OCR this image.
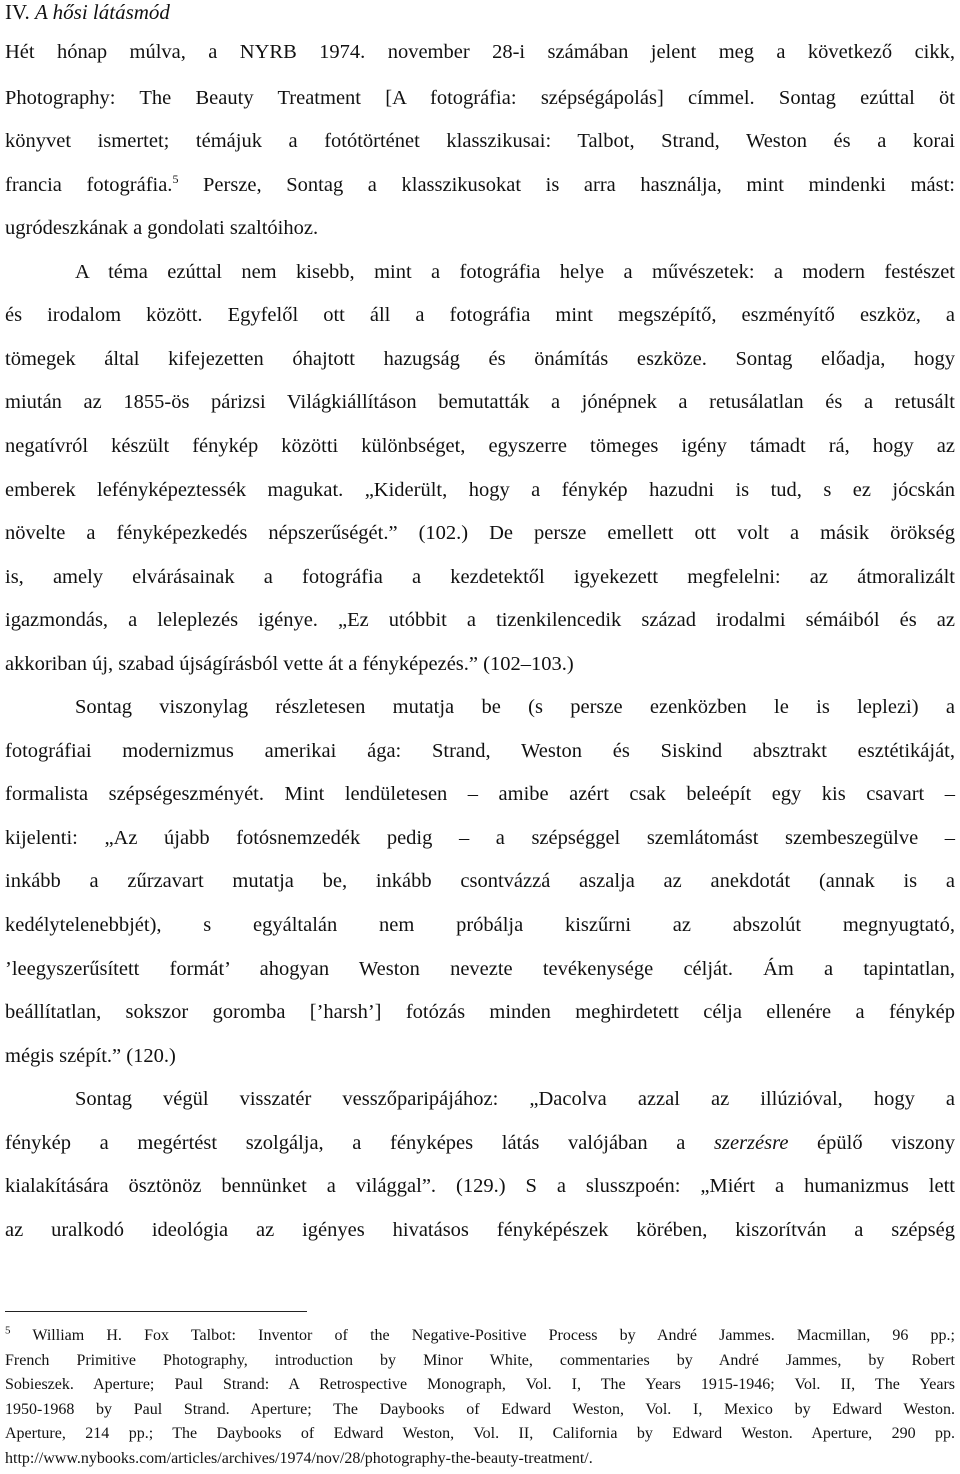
IV. A hősi látásmód
Hét hónap múlva, a NYRB 1974. november 28-i számában jelent meg a következő cikk,
Photography: The Beauty Treatment [A fotográfia: szépségápolás] címmel. Sontag ezúttal öt
könyvet ismertet; témájuk a fotótörténet klasszikusai: Talbot, Strand, Weston és a korai
francia fotográfia.$^5$ Persze, Sontag a klasszikusokat is arra használja, mint mindenki mást:
ugródeszkának a gondolati szaltóihoz.
A téma ezúttal nem kisebb, mint a fotográfia helye a művészetek: a modern festészet
és irodalom között. Egyfelől ott áll a fotográfia mint megszépítő, eszményítő eszköz, a
tömegek által kifejezetten óhajtott hazugság és önámítás eszköze. Sontag előadja, hogy
miután az 1855-ös párizsi Világkiállításon bemutatták a jónépnek a retusálatlan és a retusált
negatívról készült fénykép közötti különbséget, egyszerre tömeges igény támadt rá, hogy az
emberek lefényképeztessék magukat. „Kiderült, hogy a fénykép hazudni is tud, s ez jócskán
növelte a fényképezkedés népszerűségét.” (102.) De persze emellett ott volt a másik örökség
is, amely elvárásainak a fotográfia a kezdetektől igyekezett megfelelni: az átmoralizált
igazmondás, a leleplezés igénye. „Ez utóbbit a tizenkilencedik század irodalmi sémáiból és az
akkoriban új, szabad újságírásból vette át a fényképezés.” (102–103.)
Sontag viszonylag részletesen mutatja be (s persze ezenközben le is leplezi) a
fotográfiai modernizmus amerikai ága: Strand, Weston és Siskind absztrakt esztétikáját,
formalista szépségeszményét. Mint lendületesen – amibe azért csak beleépít egy kis csavart –
kijelenti: „Az újabb fotósnemzedék pedig – a szépséggel szemlátomást szembeszegülve –
inkább a zűrzavart mutatja be, inkább csontvázzá aszalja az anekdotát (annak is a
kedélytelenebbjét), s egyáltalán nem próbálja kiszűrni az abszolút megnyugtató,
’leegyszerűsített formát’ ahogyan Weston nevezte tevékenysége célját. Ám a tapintatlan,
beállítatlan, sokszor goromba [’harsh’] fotózás minden meghirdetett célja ellenére a fénykép
mégis szépít.” (120.)
Sontag végül visszatér vesszőparipájához: „Dacolva azzal az illúzióval, hogy a
fénykép a megértést szolgálja, a fényképes látás valójában a szerzésre épülő viszony
kialakítására ösztönöz bennünket a világgal”. (129.) S a slusszpoén: „Miért a humanizmus lett
az uralkodó ideológia az igényes hivatásos fényképészek körében, kiszorítván a szépség
$^5$ William H. Fox Talbot: Inventor of the Negative-Positive Process by André Jammes. Macmillan, 96 pp.;
French Primitive Photography, introduction by Minor White, commentaries by André Jammes, by Robert
Sobieszek. Aperture; Paul Strand: A Retrospective Monograph, Vol. I, The Years 1915-1946; Vol. II, The Years
1950-1968 by Paul Strand. Aperture; The Daybooks of Edward Weston, Vol. I, Mexico by Edward Weston.
Aperture, 214 pp.; The Daybooks of Edward Weston, Vol. II, California by Edward Weston. Aperture, 290 pp.
http://www.nybooks.com/articles/archives/1974/nov/28/photography-the-beauty-treatment/.
